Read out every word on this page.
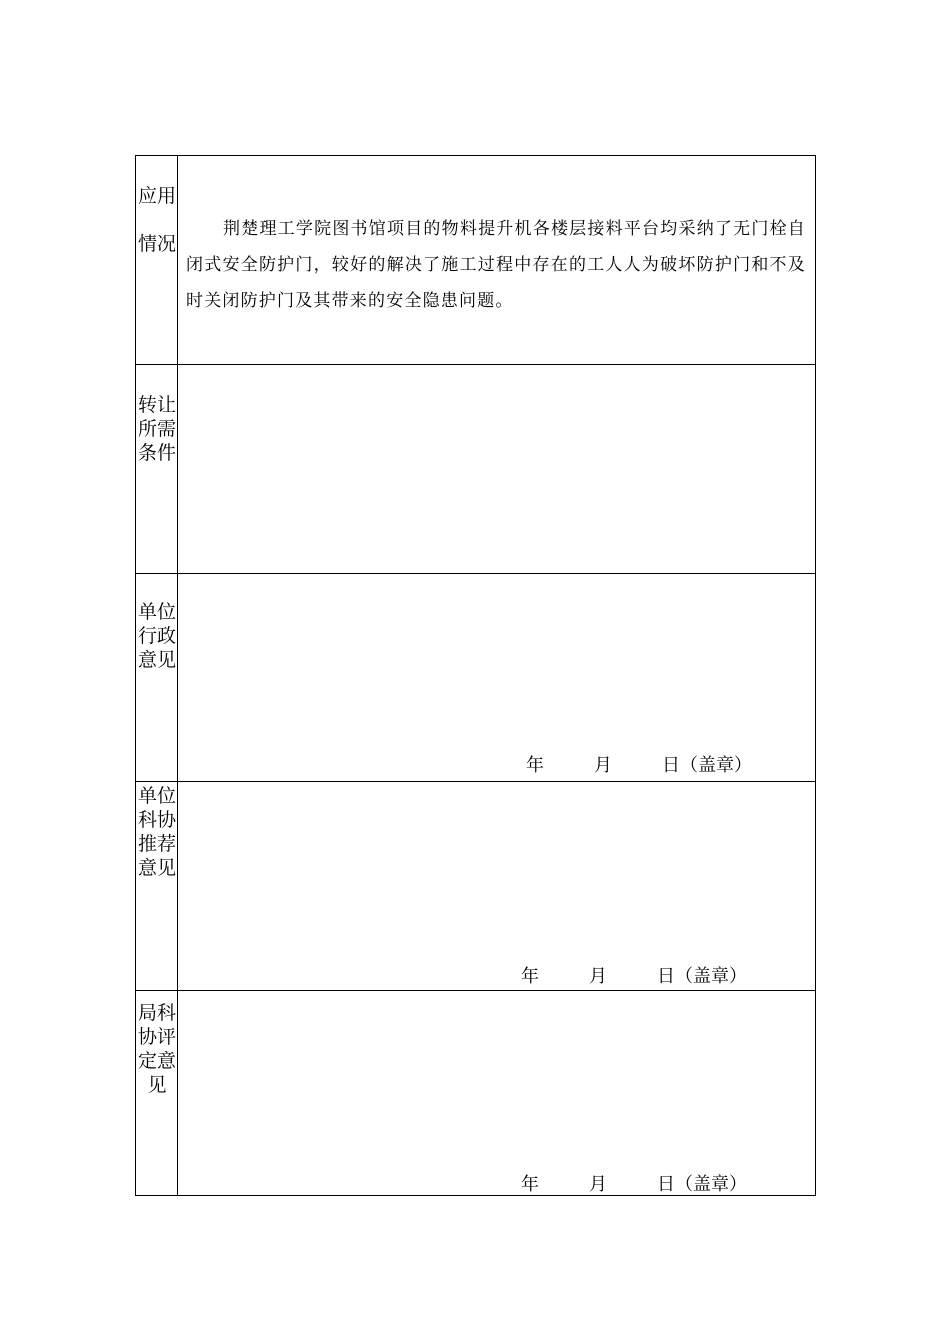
应用情况
荆楚理工学院图书馆项目的物料提升机各楼层接料平台均采纳了无门栓自闭式安全防护门，较好的解决了施工过程中存在的工人人为破坏防护门和不及时关闭防护门及其带来的安全隐患问题。
转让所需条件
单位行政意见
年	月	日（盖章）
单位科协推荐意见
年	月	日（盖章）
局科协评定意见
年	月	日（盖章）
